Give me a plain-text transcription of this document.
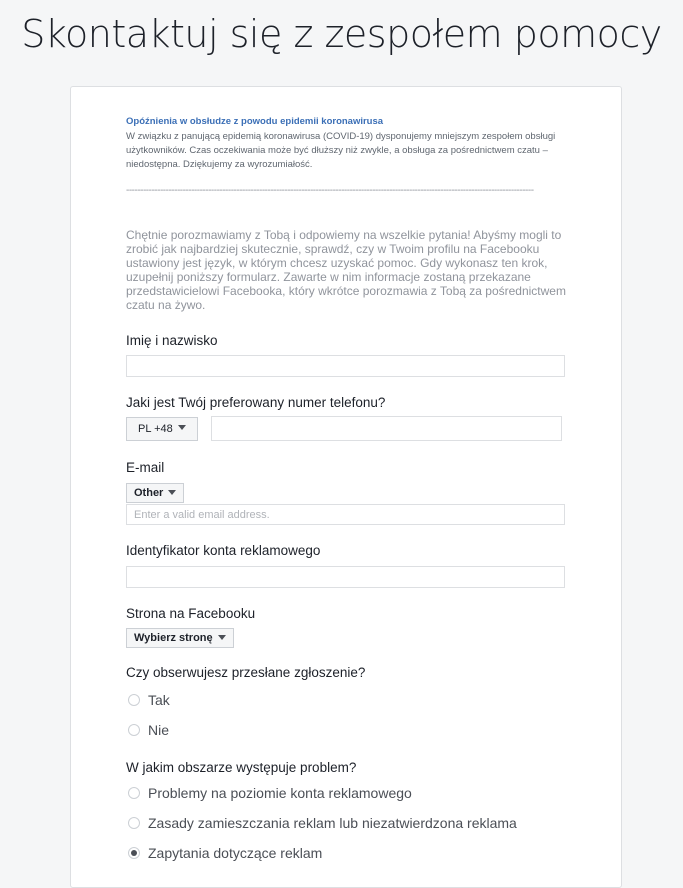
Skontaktuj się z zespołem pomocy
Opóźnienia w obsłudze z powodu epidemii koronawirusa
W związku z panującą epidemią koronawirusa (COVID-19) dysponujemy mniejszym zespołem obsługi użytkowników. Czas oczekiwania może być dłuższy niż zwykle, a obsługa za pośrednictwem czatu – niedostępna. Dziękujemy za wyrozumiałość.
------------------------------------------------------------------------------------------------------------------------------------------------
Chętnie porozmawiamy z Tobą i odpowiemy na wszelkie pytania! Abyśmy mogli to zrobić jak najbardziej skutecznie, sprawdź, czy w Twoim profilu na Facebooku ustawiony jest język, w którym chcesz uzyskać pomoc. Gdy wykonasz ten krok, uzupełnij poniższy formularz. Zawarte w nim informacje zostaną przekazane przedstawicielowi Facebooka, który wkrótce porozmawia z Tobą za pośrednictwem czatu na żywo.
Imię i nazwisko
Jaki jest Twój preferowany numer telefonu?
PL +48
E-mail
Other
Enter a valid email address.
Identyfikator konta reklamowego
Strona na Facebooku
Wybierz stronę
Czy obserwujesz przesłane zgłoszenie?
Tak
Nie
W jakim obszarze występuje problem?
Problemy na poziomie konta reklamowego
Zasady zamieszczania reklam lub niezatwierdzona reklama
Zapytania dotyczące reklam
